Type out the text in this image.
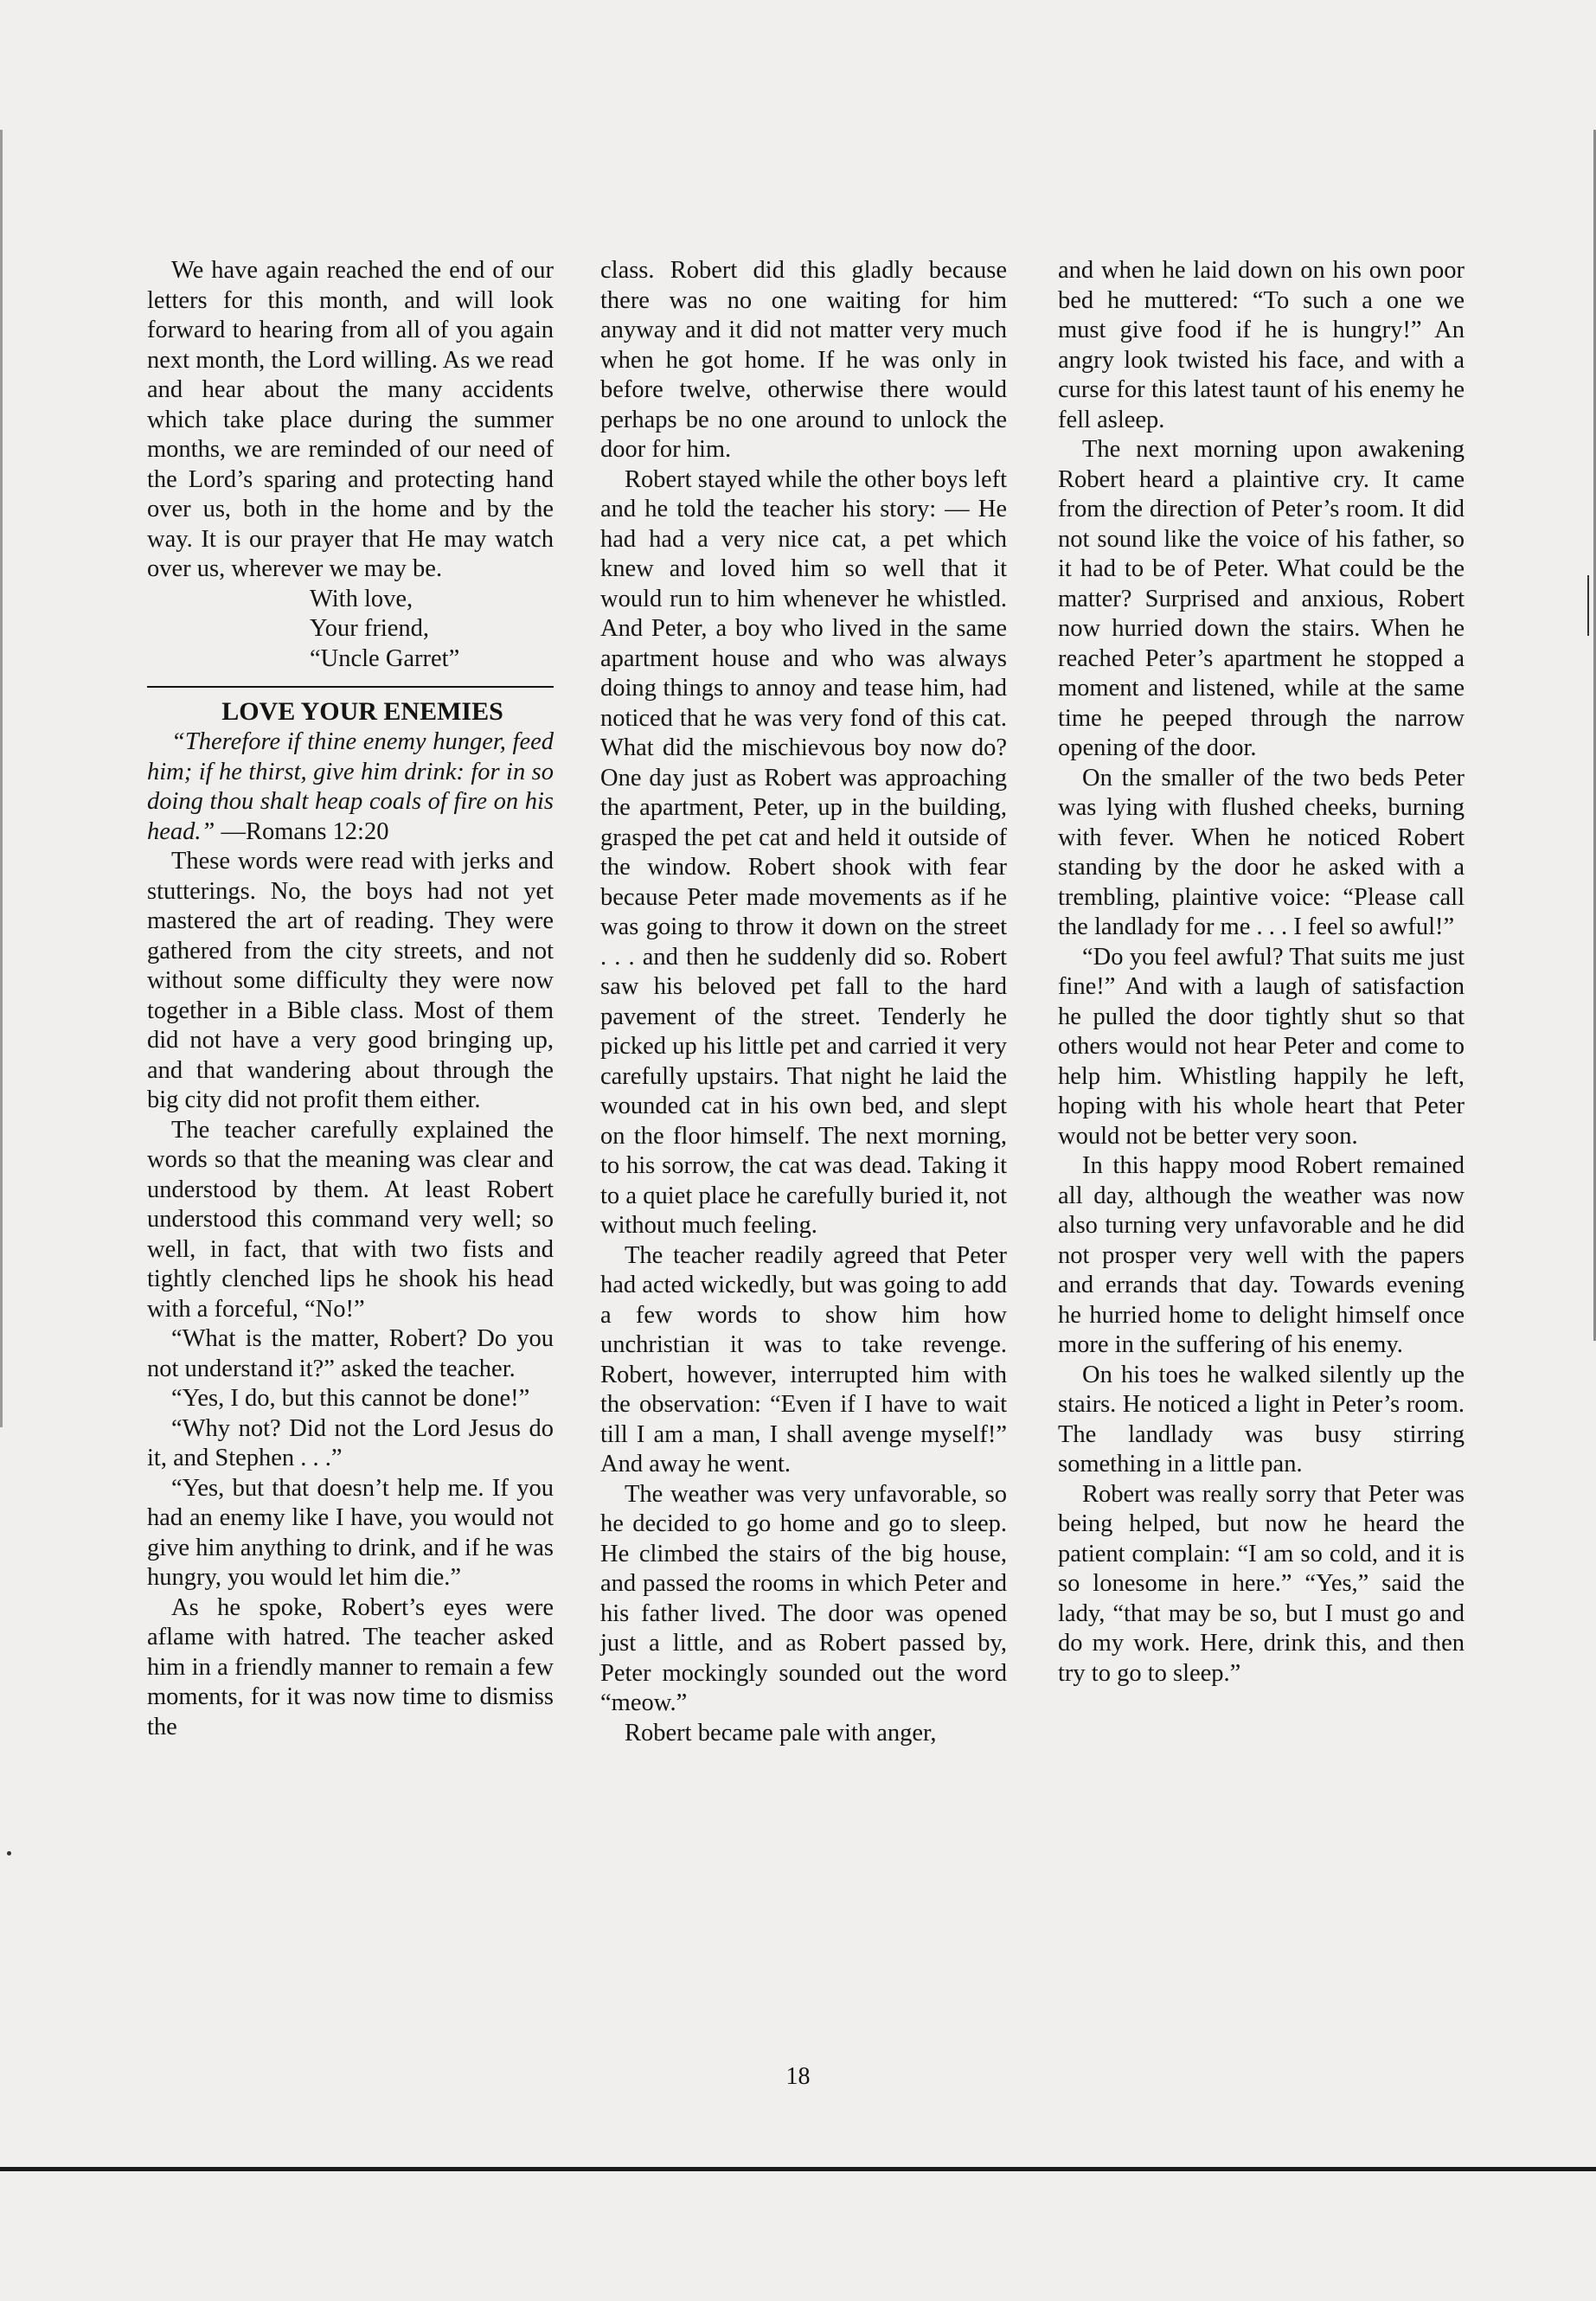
We have again reached the end of our letters for this month, and will look forward to hearing from all of you again next month, the Lord willing. As we read and hear about the many accidents which take place during the summer months, we are reminded of our need of the Lord’s sparing and protecting hand over us, both in the home and by the way. It is our prayer that He may watch over us, wherever we may be.

With love,

Your friend,

“Uncle Garret”

LOVE YOUR ENEMIES

“Therefore if thine enemy hunger, feed him; if he thirst, give him drink: for in so doing thou shalt heap coals of fire on his head.” —Romans 12:20

These words were read with jerks and stutterings. No, the boys had not yet mastered the art of reading. They were gathered from the city streets, and not without some difficulty they were now together in a Bible class. Most of them did not have a very good bringing up, and that wandering about through the big city did not profit them either.

The teacher carefully explained the words so that the meaning was clear and understood by them. At least Robert understood this command very well; so well, in fact, that with two fists and tightly clenched lips he shook his head with a forceful, “No!”

“What is the matter, Robert? Do you not understand it?” asked the teacher.

“Yes, I do, but this cannot be done!”

“Why not? Did not the Lord Jesus do it, and Stephen . . .”

“Yes, but that doesn’t help me. If you had an enemy like I have, you would not give him anything to drink, and if he was hungry, you would let him die.”

As he spoke, Robert’s eyes were aflame with hatred. The teacher asked him in a friendly manner to remain a few moments, for it was now time to dismiss the

class. Robert did this gladly because there was no one waiting for him anyway and it did not matter very much when he got home. If he was only in before twelve, otherwise there would perhaps be no one around to unlock the door for him.

Robert stayed while the other boys left and he told the teacher his story: — He had had a very nice cat, a pet which knew and loved him so well that it would run to him whenever he whistled. And Peter, a boy who lived in the same apartment house and who was always doing things to annoy and tease him, had noticed that he was very fond of this cat. What did the mischievous boy now do? One day just as Robert was approaching the apartment, Peter, up in the building, grasped the pet cat and held it outside of the window. Robert shook with fear because Peter made movements as if he was going to throw it down on the street . . . and then he suddenly did so. Robert saw his beloved pet fall to the hard pavement of the street. Tenderly he picked up his little pet and carried it very carefully upstairs. That night he laid the wounded cat in his own bed, and slept on the floor himself. The next morning, to his sorrow, the cat was dead. Taking it to a quiet place he carefully buried it, not without much feeling.

The teacher readily agreed that Peter had acted wickedly, but was going to add a few words to show him how unchristian it was to take revenge. Robert, however, interrupted him with the observation: “Even if I have to wait till I am a man, I shall avenge myself!” And away he went.

The weather was very unfavorable, so he decided to go home and go to sleep. He climbed the stairs of the big house, and passed the rooms in which Peter and his father lived. The door was opened just a little, and as Robert passed by, Peter mockingly sounded out the word “meow.”

Robert became pale with anger,

and when he laid down on his own poor bed he muttered: “To such a one we must give food if he is hungry!” An angry look twisted his face, and with a curse for this latest taunt of his enemy he fell asleep.

The next morning upon awakening Robert heard a plaintive cry. It came from the direction of Peter’s room. It did not sound like the voice of his father, so it had to be of Peter. What could be the matter? Surprised and anxious, Robert now hurried down the stairs. When he reached Peter’s apartment he stopped a moment and listened, while at the same time he peeped through the narrow opening of the door.

On the smaller of the two beds Peter was lying with flushed cheeks, burning with fever. When he noticed Robert standing by the door he asked with a trembling, plaintive voice: “Please call the landlady for me . . . I feel so awful!”

“Do you feel awful? That suits me just fine!” And with a laugh of satisfaction he pulled the door tightly shut so that others would not hear Peter and come to help him. Whistling happily he left, hoping with his whole heart that Peter would not be better very soon.

In this happy mood Robert remained all day, although the weather was now also turning very unfavorable and he did not prosper very well with the papers and errands that day. Towards evening he hurried home to delight himself once more in the suffering of his enemy.

On his toes he walked silently up the stairs. He noticed a light in Peter’s room. The landlady was busy stirring something in a little pan.

Robert was really sorry that Peter was being helped, but now he heard the patient complain: “I am so cold, and it is so lonesome in here.” “Yes,” said the lady, “that may be so, but I must go and do my work. Here, drink this, and then try to go to sleep.”

18
